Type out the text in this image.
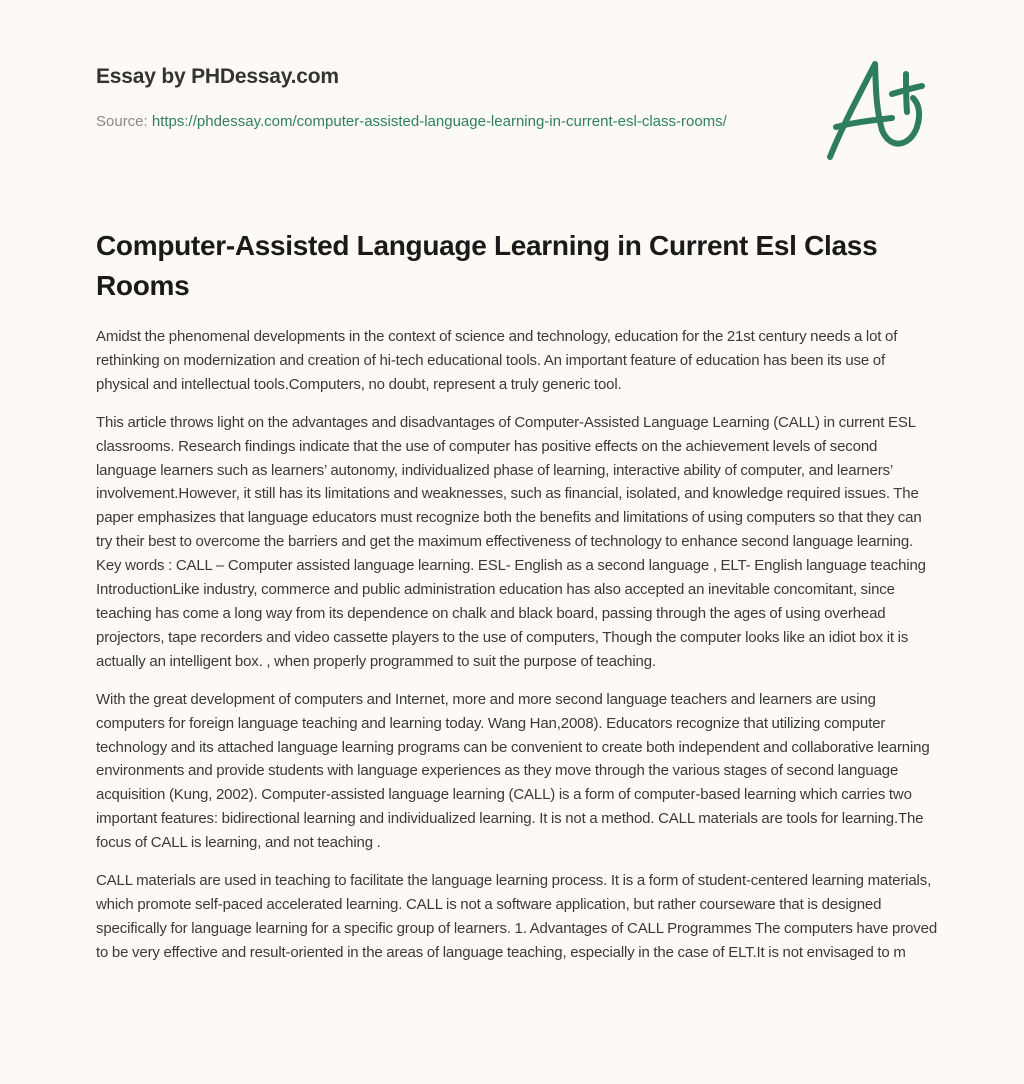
Essay by PHDessay.com
Source: https://phdessay.com/computer-assisted-language-learning-in-current-esl-class-rooms/
Computer-Assisted Language Learning in Current Esl Class Rooms

Amidst the phenomenal developments in the context of science and technology, education for the 21st century needs a lot of rethinking on modernization and creation of hi-tech educational tools. An important feature of education has been its use of physical and intellectual tools.Computers, no doubt, represent a truly generic tool.

This article throws light on the advantages and disadvantages of Computer-Assisted Language Learning (CALL) in current ESL classrooms. Research findings indicate that the use of computer has positive effects on the achievement levels of second language learners such as learners’ autonomy, individualized phase of learning, interactive ability of computer, and learners’ involvement.However, it still has its limitations and weaknesses, such as financial, isolated, and knowledge required issues. The paper emphasizes that language educators must recognize both the benefits and limitations of using computers so that they can try their best to overcome the barriers and get the maximum effectiveness of technology to enhance second language learning. Key words : CALL – Computer assisted language learning. ESL- English as a second language , ELT- English language teaching IntroductionLike industry, commerce and public administration education has also accepted an inevitable concomitant, since teaching has come a long way from its dependence on chalk and black board, passing through the ages of using overhead projectors, tape recorders and video cassette players to the use of computers, Though the computer looks like an idiot box it is actually an intelligent box. , when properly programmed to suit the purpose of teaching.

With the great development of computers and Internet, more and more second language teachers and learners are using computers for foreign language teaching and learning today. Wang Han,2008). Educators recognize that utilizing computer technology and its attached language learning programs can be convenient to create both independent and collaborative learning environments and provide students with language experiences as they move through the various stages of second language acquisition (Kung, 2002). Computer-assisted language learning (CALL) is a form of computer-based learning which carries two important features: bidirectional learning and individualized learning. It is not a method. CALL materials are tools for learning.The focus of CALL is learning, and not teaching .

CALL materials are used in teaching to facilitate the language learning process. It is a form of student-centered learning materials, which promote self-paced accelerated learning. CALL is not a software application, but rather courseware that is designed specifically for language learning for a specific group of learners. 1. Advantages of CALL Programmes The computers have proved to be very effective and result-oriented in the areas of language teaching, especially in the case of ELT.It is not envisaged to m
